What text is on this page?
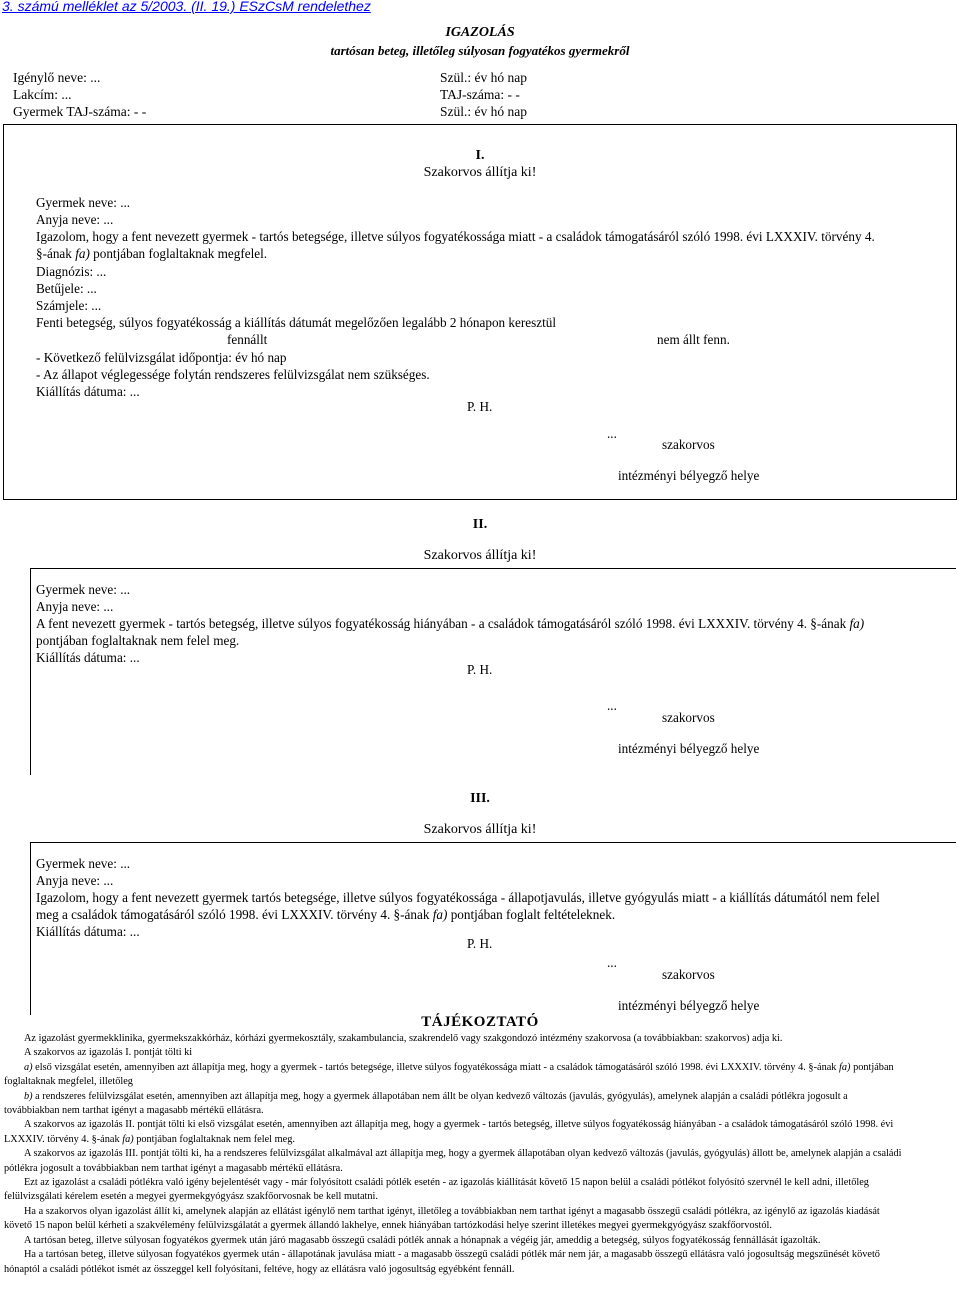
3. számú melléklet az 5/2003. (II. 19.) ESzCsM rendelethez
IGAZOLÁS
tartósan beteg, illetőleg súlyosan fogyatékos gyermekről
Igénylő neve: ...
Lakcím: ...
Gyermek TAJ-száma: - -
Szül.: év hó nap
TAJ-száma: - -
Szül.: év hó nap
I.
Szakorvos állítja ki!
Gyermek neve: ...
Anyja neve: ...
Igazolom, hogy a fent nevezett gyermek - tartós betegsége, illetve súlyos fogyatékossága miatt - a családok támogatásáról szóló 1998. évi LXXXIV. törvény 4.
§-ának fa) pontjában foglaltaknak megfelel.
Diagnózis: ...
Betűjele: ...
Számjele: ...
Fenti betegség, súlyos fogyatékosság a kiállítás dátumát megelőzően legalább 2 hónapon keresztül
fennállt	nem állt fenn.
- Következő felülvizsgálat időpontja: év hó nap
- Az állapot véglegessége folytán rendszeres felülvizsgálat nem szükséges.
Kiállítás dátuma: ...
P. H.
...
szakorvos
intézményi bélyegző helye
II.
Szakorvos állítja ki!
Gyermek neve: ...
Anyja neve: ...
A fent nevezett gyermek - tartós betegség, illetve súlyos fogyatékosság hiányában - a családok támogatásáról szóló 1998. évi LXXXIV. törvény 4. §-ának fa)
pontjában foglaltaknak nem felel meg.
Kiállítás dátuma: ...
P. H.
...
szakorvos
intézményi bélyegző helye
III.
Szakorvos állítja ki!
Gyermek neve: ...
Anyja neve: ...
Igazolom, hogy a fent nevezett gyermek tartós betegsége, illetve súlyos fogyatékossága - állapotjavulás, illetve gyógyulás miatt - a kiállítás dátumától nem felel
meg a családok támogatásáról szóló 1998. évi LXXXIV. törvény 4. §-ának fa) pontjában foglalt feltételeknek.
Kiállítás dátuma: ...
P. H.
...
szakorvos
intézményi bélyegző helye
TÁJÉKOZTATÓ

Az igazolást gyermekklinika, gyermekszakkórház, kórházi gyermekosztály, szakambulancia, szakrendelő vagy szakgondozó intézmény szakorvosa (a továbbiakban: szakorvos) adja ki.

A szakorvos az igazolás I. pontját tölti ki

a) első vizsgálat esetén, amennyiben azt állapítja meg, hogy a gyermek - tartós betegsége, illetve súlyos fogyatékossága miatt - a családok támogatásáról szóló 1998. évi LXXXIV. törvény 4. §-ának fa) pontjában foglaltaknak megfelel, illetőleg

b) a rendszeres felülvizsgálat esetén, amennyiben azt állapítja meg, hogy a gyermek állapotában nem állt be olyan kedvező változás (javulás, gyógyulás), amelynek alapján a családi pótlékra jogosult a továbbiakban nem tarthat igényt a magasabb mértékű ellátásra.

A szakorvos az igazolás II. pontját tölti ki első vizsgálat esetén, amennyiben azt állapítja meg, hogy a gyermek - tartós betegség, illetve súlyos fogyatékosság hiányában - a családok támogatásáról szóló 1998. évi LXXXIV. törvény 4. §-ának fa) pontjában foglaltaknak nem felel meg.

A szakorvos az igazolás III. pontját tölti ki, ha a rendszeres felülvizsgálat alkalmával azt állapítja meg, hogy a gyermek állapotában olyan kedvező változás (javulás, gyógyulás) állott be, amelynek alapján a családi pótlékra jogosult a továbbiakban nem tarthat igényt a magasabb mértékű ellátásra.

Ezt az igazolást a családi pótlékra való igény bejelentését vagy - már folyósított családi pótlék esetén - az igazolás kiállítását követő 15 napon belül a családi pótlékot folyósító szervnél le kell adni, illetőleg felülvizsgálati kérelem esetén a megyei gyermekgyógyász szakfőorvosnak be kell mutatni.

Ha a szakorvos olyan igazolást állít ki, amelynek alapján az ellátást igénylő nem tarthat igényt, illetőleg a továbbiakban nem tarthat igényt a magasabb összegű családi pótlékra, az igénylő az igazolás kiadását követő 15 napon belül kérheti a szakvélemény felülvizsgálatát a gyermek állandó lakhelye, ennek hiányában tartózkodási helye szerint illetékes megyei gyermekgyógyász szakfőorvostól.

A tartósan beteg, illetve súlyosan fogyatékos gyermek után járó magasabb összegű családi pótlék annak a hónapnak a végéig jár, ameddig a betegség, súlyos fogyatékosság fennállását igazolták.

Ha a tartósan beteg, illetve súlyosan fogyatékos gyermek után - állapotának javulása miatt - a magasabb összegű családi pótlék már nem jár, a magasabb összegű ellátásra való jogosultság megszűnését követő hónaptól a családi pótlékot ismét az összeggel kell folyósítani, feltéve, hogy az ellátásra való jogosultság egyébként fennáll.
